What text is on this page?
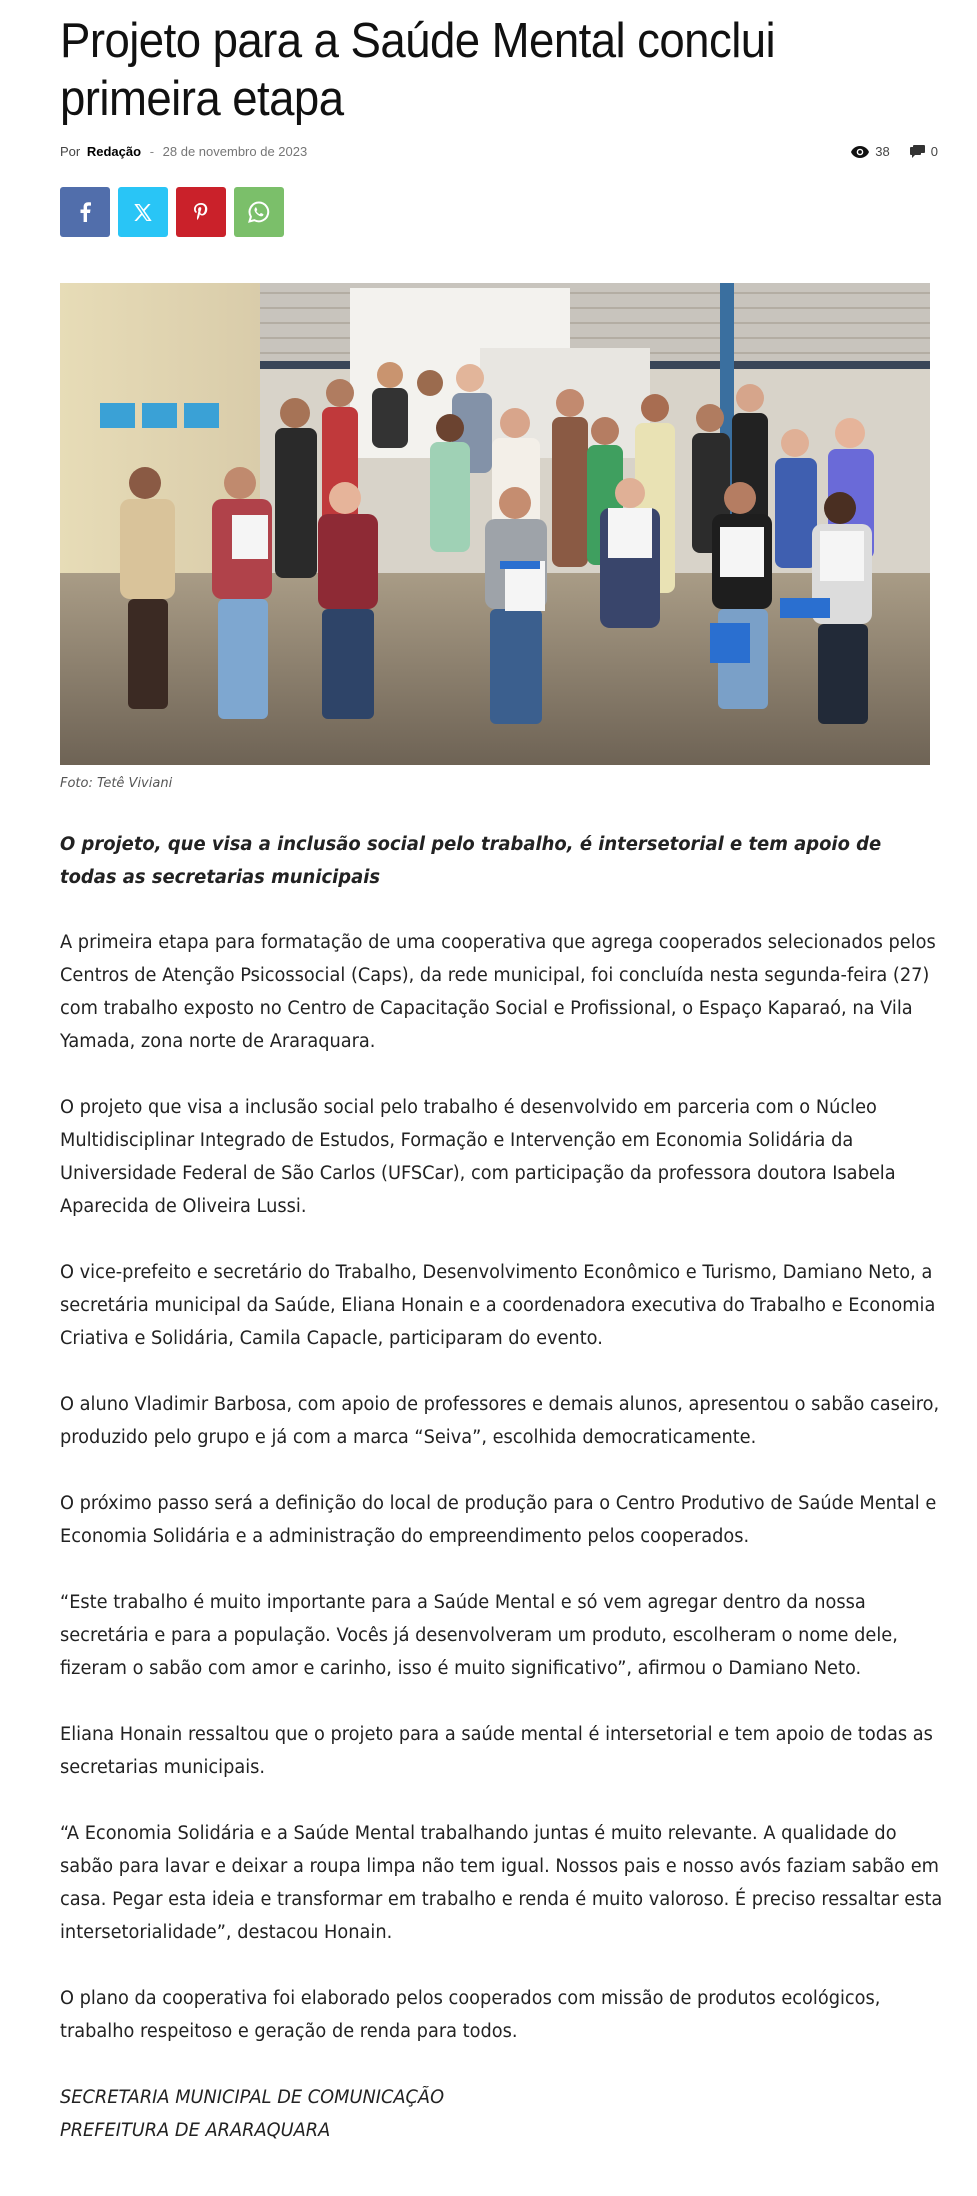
Projeto para a Saúde Mental conclui primeira etapa
Por Redação - 28 de novembro de 2023	38	0
Foto: Tetê Viviani

O projeto, que visa a inclusão social pelo trabalho, é intersetorial e tem apoio de todas as secretarias municipais

A primeira etapa para formatação de uma cooperativa que agrega cooperados selecionados pelos Centros de Atenção Psicossocial (Caps), da rede municipal, foi concluída nesta segunda-feira (27) com trabalho exposto no Centro de Capacitação Social e Profissional, o Espaço Kaparaó, na Vila Yamada, zona norte de Araraquara.

O projeto que visa a inclusão social pelo trabalho é desenvolvido em parceria com o Núcleo Multidisciplinar Integrado de Estudos, Formação e Intervenção em Economia Solidária da Universidade Federal de São Carlos (UFSCar), com participação da professora doutora Isabela Aparecida de Oliveira Lussi.

O vice-prefeito e secretário do Trabalho, Desenvolvimento Econômico e Turismo, Damiano Neto, a secretária municipal da Saúde, Eliana Honain e a coordenadora executiva do Trabalho e Economia Criativa e Solidária, Camila Capacle, participaram do evento.

O aluno Vladimir Barbosa, com apoio de professores e demais alunos, apresentou o sabão caseiro, produzido pelo grupo e já com a marca “Seiva”, escolhida democraticamente.

O próximo passo será a definição do local de produção para o Centro Produtivo de Saúde Mental e Economia Solidária e a administração do empreendimento pelos cooperados.

“Este trabalho é muito importante para a Saúde Mental e só vem agregar dentro da nossa secretária e para a população. Vocês já desenvolveram um produto, escolheram o nome dele, fizeram o sabão com amor e carinho, isso é muito significativo”, afirmou o Damiano Neto.

Eliana Honain ressaltou que o projeto para a saúde mental é intersetorial e tem apoio de todas as secretarias municipais.

“A Economia Solidária e a Saúde Mental trabalhando juntas é muito relevante. A qualidade do sabão para lavar e deixar a roupa limpa não tem igual. Nossos pais e nosso avós faziam sabão em casa. Pegar esta ideia e transformar em trabalho e renda é muito valoroso. É preciso ressaltar esta intersetorialidade”, destacou Honain.

O plano da cooperativa foi elaborado pelos cooperados com missão de produtos ecológicos, trabalho respeitoso e geração de renda para todos.

SECRETARIA MUNICIPAL DE COMUNICAÇÃO
PREFEITURA DE ARARAQUARA
